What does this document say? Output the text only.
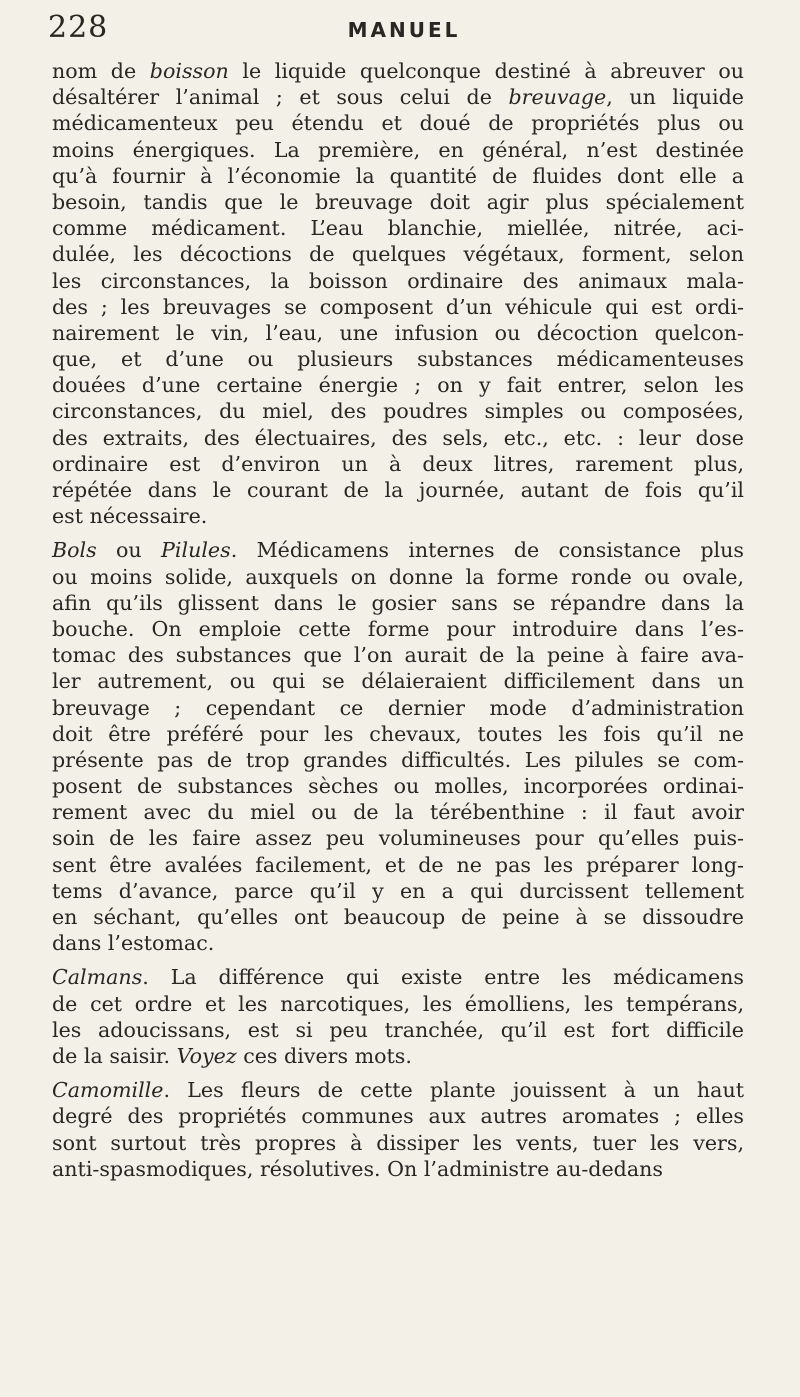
228	MANUEL
nom de boisson le liquide quelconque destiné à abreuver ou
désaltérer l’animal ; et sous celui de breuvage, un liquide
médicamenteux peu étendu et doué de propriétés plus ou
moins énergiques. La première, en général, n’est destinée
qu’à fournir à l’économie la quantité de fluides dont elle a
besoin, tandis que le breuvage doit agir plus spécialement
comme médicament. L’eau blanchie, miellée, nitrée, aci-
dulée, les décoctions de quelques végétaux, forment, selon
les circonstances, la boisson ordinaire des animaux mala-
des ; les breuvages se composent d’un véhicule qui est ordi-
nairement le vin, l’eau, une infusion ou décoction quelcon-
que, et d’une ou plusieurs substances médicamenteuses
douées d’une certaine énergie ; on y fait entrer, selon les
circonstances, du miel, des poudres simples ou composées,
des extraits, des électuaires, des sels, etc., etc. : leur dose
ordinaire est d’environ un à deux litres, rarement plus,
répétée dans le courant de la journée, autant de fois qu’il
est nécessaire.
Bols ou Pilules. Médicamens internes de consistance plus
ou moins solide, auxquels on donne la forme ronde ou ovale,
afin qu’ils glissent dans le gosier sans se répandre dans la
bouche. On emploie cette forme pour introduire dans l’es-
tomac des substances que l’on aurait de la peine à faire ava-
ler autrement, ou qui se délaieraient difficilement dans un
breuvage ; cependant ce dernier mode d’administration
doit être préféré pour les chevaux, toutes les fois qu’il ne
présente pas de trop grandes difficultés. Les pilules se com-
posent de substances sèches ou molles, incorporées ordinai-
rement avec du miel ou de la térébenthine : il faut avoir
soin de les faire assez peu volumineuses pour qu’elles puis-
sent être avalées facilement, et de ne pas les préparer long-
tems d’avance, parce qu’il y en a qui durcissent tellement
en séchant, qu’elles ont beaucoup de peine à se dissoudre
dans l’estomac.
Calmans. La différence qui existe entre les médicamens
de cet ordre et les narcotiques, les émolliens, les tempérans,
les adoucissans, est si peu tranchée, qu’il est fort difficile
de la saisir. Voyez ces divers mots.
Camomille. Les fleurs de cette plante jouissent à un haut
degré des propriétés communes aux autres aromates ; elles
sont surtout très propres à dissiper les vents, tuer les vers,
anti-spasmodiques, résolutives. On l’administre au-dedans
